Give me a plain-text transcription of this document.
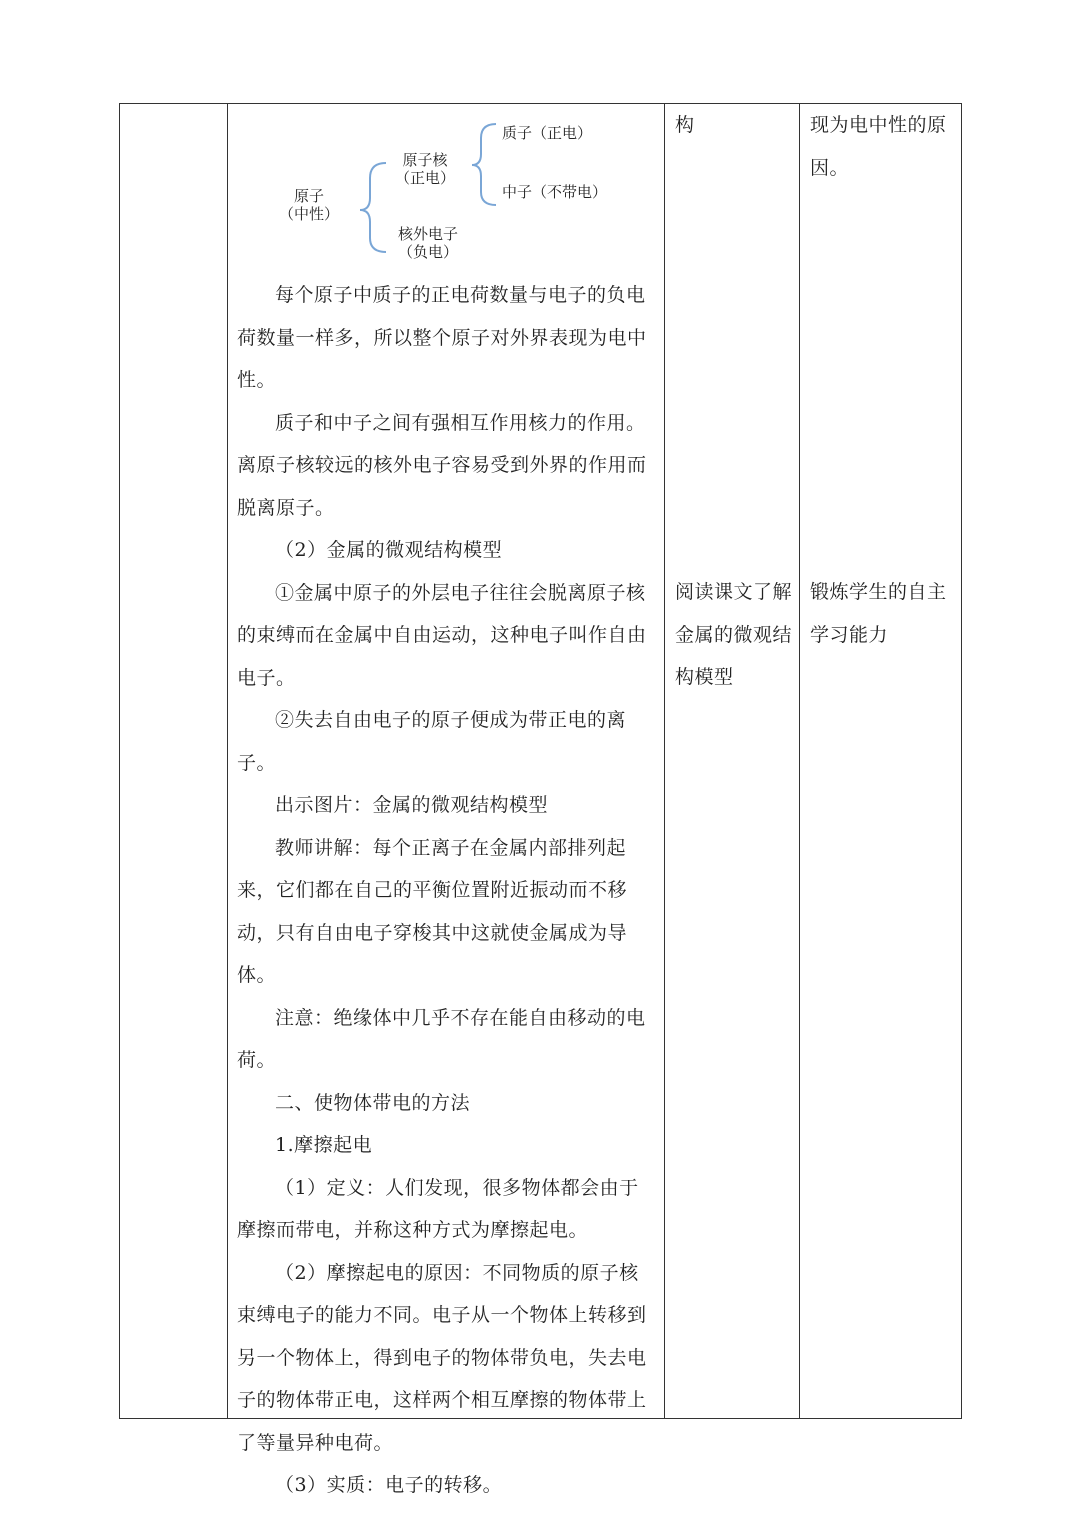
原子
（中性）
原子核
（正电）
质子（正电）
中子（不带电）
核外电子
（负电）

每个原子中质子的正电荷数量与电子的负电荷数量一样多，所以整个原子对外界表现为电中性。

质子和中子之间有强相互作用核力的作用。离原子核较远的核外电子容易受到外界的作用而脱离原子。

（2）金属的微观结构模型

①金属中原子的外层电子往往会脱离原子核的束缚而在金属中自由运动，这种电子叫作自由电子。

②失去自由电子的原子便成为带正电的离子。

出示图片：金属的微观结构模型

教师讲解：每个正离子在金属内部排列起来，它们都在自己的平衡位置附近振动而不移动，只有自由电子穿梭其中这就使金属成为导体。

注意：绝缘体中几乎不存在能自由移动的电荷。

二、使物体带电的方法

1.摩擦起电

（1）定义：人们发现，很多物体都会由于摩擦而带电，并称这种方式为摩擦起电。

（2）摩擦起电的原因：不同物质的原子核束缚电子的能力不同。电子从一个物体上转移到另一个物体上，得到电子的物体带负电，失去电子的物体带正电，这样两个相互摩擦的物体带上了等量异种电荷。

（3）实质：电子的转移。

构
阅读课文了解金属的微观结构模型
现为电中性的原因。
锻炼学生的自主学习能力
